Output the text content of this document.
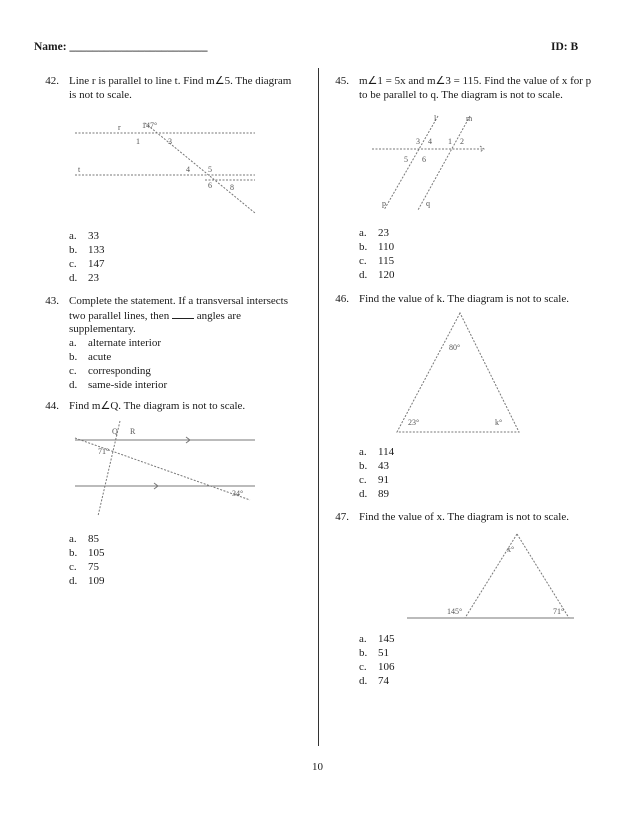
Name: ________________________	ID: B
42. Line r is parallel to line t. Find m∠5. The diagram
is not to scale.
r	147°
1	3
t	4 5
6 8
a. 33
b. 133
c. 147
d. 23
43. Complete the statement. If a transversal intersects
two parallel lines, then	angles are
supplementary.
a. alternate interior
b. acute
c. corresponding
d. same-side interior
44. Find m∠Q. The diagram is not to scale.
Q R
71°
34°
a. 85
b. 105
c. 75
d. 109
45. m∠1 = 5x and m∠3 = 115. Find the value of x for p
to be parallel to q. The diagram is not to scale.
l	m
3 4 1 2
5 6
p	q
a. 23
b. 110
c. 115
d. 120
46. Find the value of k. The diagram is not to scale.
80°
23°	k°
a. 114
b. 43
c. 91
d. 89
47. Find the value of x. The diagram is not to scale.
x°
145°	71°
a. 145
b. 51
c. 106
d. 74
10
